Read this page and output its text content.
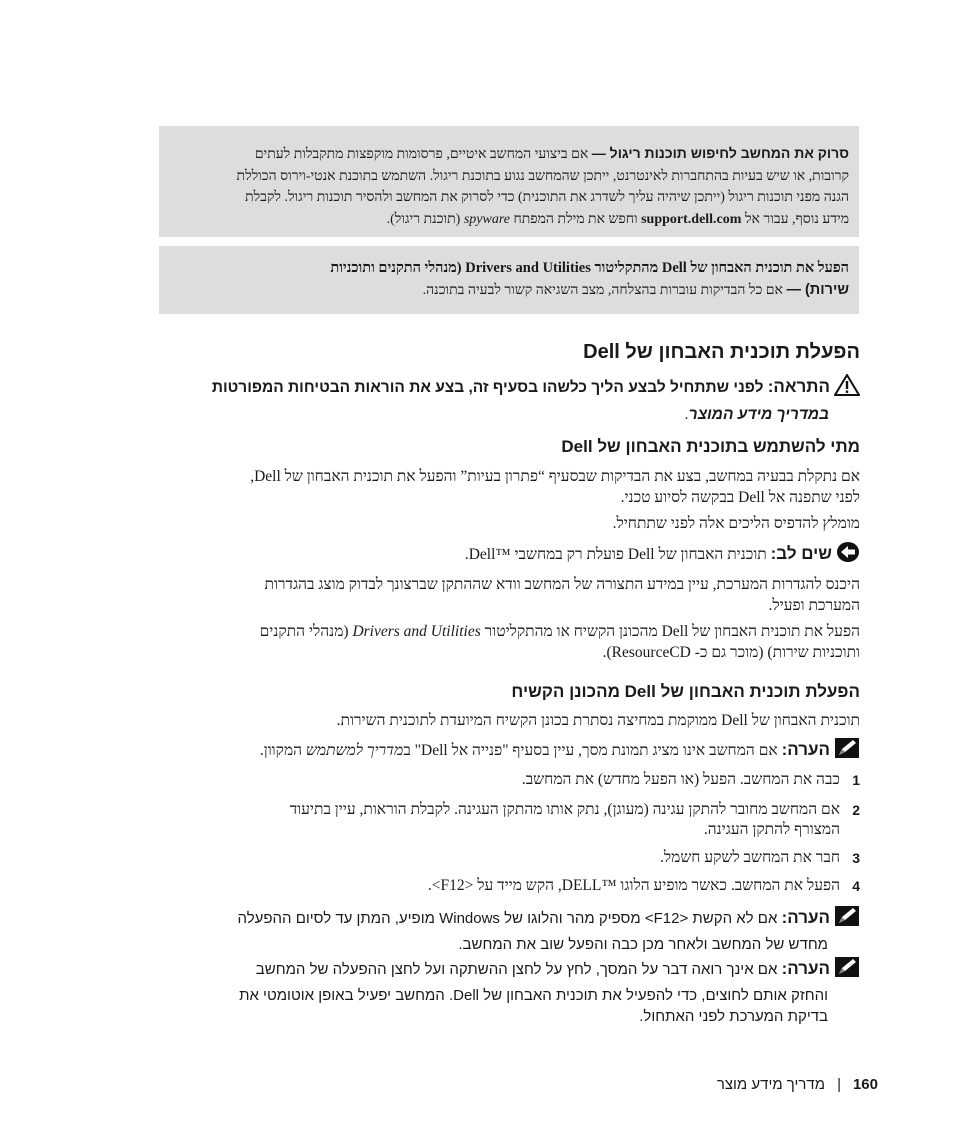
סרוק את המחשב לחיפוש תוכנות ריגול — אם ביצועי המחשב איטיים, פרסומות מוקפצות מתקבלות לעתים

קרובות, או שיש בעיות בהתחברות לאינטרנט, ייתכן שהמחשב נגוע בתוכנת ריגול. השתמש בתוכנת אנטי-וירוס הכוללת

הגנה מפני תוכנות ריגול (ייתכן שיהיה עליך לשדרג את התוכנית) כדי לסרוק את המחשב ולהסיר תוכנות ריגול. לקבלת

מידע נוסף, עבור אל support.dell.com וחפש את מילת המפתח spyware (תוכנת ריגול).

הפעל את תוכנית האבחון של Dell מהתקליטור Drivers and Utilities (מנהלי התקנים ותוכניות

שירות) — אם כל הבדיקות עוברות בהצלחה, מצב השגיאה קשור לבעיה בתוכנה.

הפעלת תוכנית האבחון של Dell
התראה: לפני שתתחיל לבצע הליך כלשהו בסעיף זה, בצע את הוראות הבטיחות המפורטות
במדריך מידע המוצר.
מתי להשתמש בתוכנית האבחון של Dell

אם נתקלת בבעיה במחשב, בצע את הבדיקות שבסעיף “פתרון בעיות” והפעל את תוכנית האבחון של Dell,

לפני שתפנה אל Dell בבקשה לסיוע טכני.

מומלץ להדפיס הליכים אלה לפני שתתחיל.

שים לב: תוכנית האבחון של Dell פועלת רק במחשבי ™Dell.

היכנס להגדרות המערכת, עיין במידע התצורה של המחשב וודא שההתקן שברצונך לבדוק מוצג בהגדרות

המערכת ופעיל.

הפעל את תוכנית האבחון של Dell מהכונן הקשיח או מהתקליטור Drivers and Utilities (מנהלי התקנים

ותוכניות שירות) (מוכר גם כ- ResourceCD).

הפעלת תוכנית האבחון של Dell מהכונן הקשיח

תוכנית האבחון של Dell ממוקמת במחיצה נסתרת בכונן הקשיח המיועדת לתוכנית השירות.

הערה: אם המחשב אינו מציג תמונת מסך, עיין בסעיף "פנייה אל Dell" במדריך למשתמש המקוון.

1
כבה את המחשב. הפעל (או הפעל מחדש) את המחשב.
2
אם המחשב מחובר להתקן עגינה (מעוגן), נתק אותו מהתקן העגינה. לקבלת הוראות, עיין בתיעוד
המצורף להתקן העגינה.
3
חבר את המחשב לשקע חשמל.
4
הפעל את המחשב. כאשר מופיע הלוגו ™DELL, הקש מייד על <F12>.

הערה: אם לא הקשת <F12> מספיק מהר והלוגו של Windows מופיע, המתן עד לסיום ההפעלה

מחדש של המחשב ולאחר מכן כבה והפעל שוב את המחשב.

הערה: אם אינך רואה דבר על המסך, לחץ על לחצן ההשתקה ועל לחצן ההפעלה של המחשב

והחזק אותם לחוצים, כדי להפעיל את תוכנית האבחון של Dell. המחשב יפעיל באופן אוטומטי את

בדיקת המערכת לפני האתחול.

160|מדריך מידע מוצר
